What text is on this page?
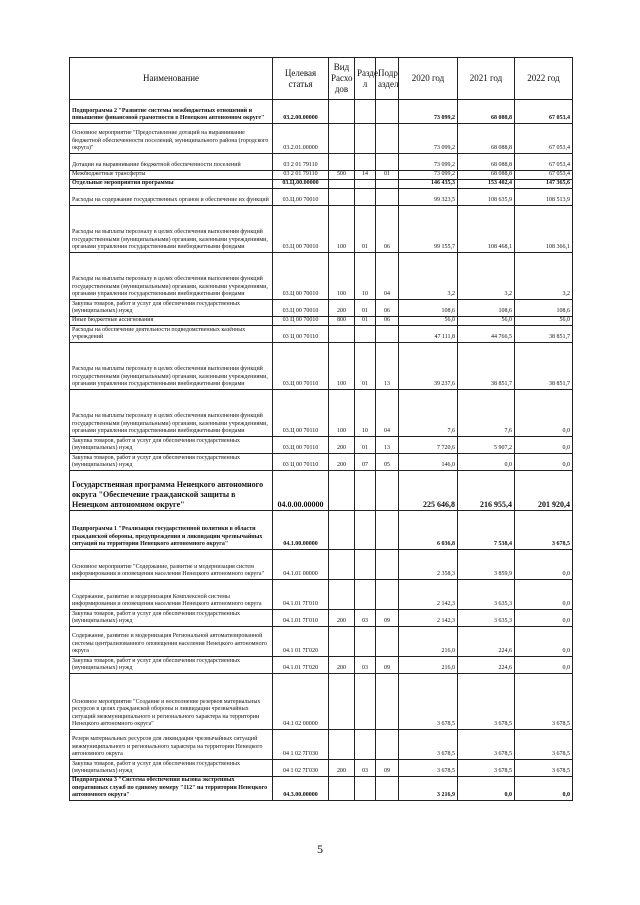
Наименование	Целевая статья	Вид Расхо дов	Разде л	Подр аздел	2020 год	2021 год	2022 год
Подпрограмма 2 "Развитие системы межбюджетных отношений и повышение финансовой грамотности в Ненецком автономном округе"	03.2.00.00000				73 099,2	68 088,8	67 053,4
Основное мероприятие "Предоставление дотаций на выравнивание бюджетной обеспеченности поселений, муниципального района (городского округа)"	03.2.01.00000				73 099,2	68 088,8	67 053,4
Дотации на выравнивание бюджетной обеспеченности поселений	03 2 01 79110				73 099,2	68 088,8	67 053,4
Межбюджетные трансферты	03 2 01 79110	500	14	01	73 099,2	68 088,8	67 053,4
Отдельные мероприятия программы	03.Ц.00.00000				146 435,3	153 402,4	147 365,6
Расходы на содержание государственных органов и обеспечение их функций	03.Ц.00 70010				99 323,5	108 635,9	108 513,9
Расходы на выплаты персоналу в целях обеспечения выполнения функций государственными (муниципальными) органами, казенными учреждениями, органами управления государственными внебюджетными фондами	03.Ц 00 70010	100	01	06	99 155,7	108 468,1	108 366,1
Расходы на выплаты персоналу в целях обеспечения выполнения функций государственными (муниципальными) органами, казенными учреждениями, органами управления государственными внебюджетными фондами	03.Ц 00 70010	100	10	04	3,2	3,2	3,2
Закупка товаров, работ и услуг для обеспечения государственных (муниципальных) нужд	03.Ц 00 70010	200	01	06	108,6	108,6	108,6
Иные бюджетные ассигнования	03 Ц 00 70010	800	01	06	56,0	56,0	56,0
Расходы на обеспечение деятельности подведомственных казённых учреждений	03 Ц 00 70110				47 111,8	44 766,5	38 851,7
Расходы на выплаты персоналу в целях обеспечения выполнения функций государственными (муниципальными) органами, казенными учреждениями, органами управления государственными внебюджетными фондами	03.Ц 00 70110	100	01	13	39 237,6	38 851,7	38 851,7
Расходы на выплаты персоналу в целях обеспечения выполнения функций государственными (муниципальными) органами, казенными учреждениями, органами управления государственными внебюджетными фондами	03.Ц 00 70110	100	10	04	7,6	7,6	0,0
Закупка товаров, работ и услуг для обеспечения государственных (муниципальных) нужд	03.Ц 00 70110	200	01	13	7 720,6	5 907,2	0,0
Закупка товаров, работ и услуг для обеспечения государственных (муниципальных) нужд	03 Ц 00 70110	200	07	05	146,0	0,0	0,0
Государственная программа Ненецкого автономного округа "Обеспечение гражданской защиты в Ненецком автономном округе"	04.0.00.00000				225 646,8	216 955,4	201 920,4
Подпрограмма 1 "Реализация государственной политики в области гражданской обороны, предупреждения и ликвидации чрезвычайных ситуаций на территории Ненецкого автономного округа"	04.1.00.00000				6 036,8	7 538,4	3 678,5
Основное мероприятие "Содержание, развитие и модернизация систем информирования и оповещения населения Ненецкого автономного округа"	04.1.01 00000				2 358,3	3 859,9	0,0
Содержание, развитие и модернизация Комплексной системы информирования и оповещения населения Ненецкого автономного округа	04.1.01 7Г010				2 142,3	3 635,3	0,0
Закупка товаров, работ и услуг для обеспечения государственных (муниципальных) нужд	04.1.01 7Г010	200	03	09	2 142,3	3 635,3	0,0
Содержание, развитие и модернизация Региональной автоматизированной системы централизованного оповещения населения Ненецкого автономного округа	04.1 01 7Г020				216,0	224,6	0,0
Закупка товаров, работ и услуг для обеспечения государственных (муниципальных) нужд	04.1.01 7Г020	200	03	09	216,0	224,6	0,0
Основное мероприятие "Создание и восполнение резервов материальных ресурсов в целях гражданской обороны и ликвидации чрезвычайных ситуаций межмуниципального и регионального характера на территории Ненецкого автономного округа"	04.1 02 00000				3 678,5	3 678,5	3 678,5
Резерв материальных ресурсов для ликвидации чрезвычайных ситуаций межмуниципального и регионального характера на территории Ненецкого автономного округа	04 1 02 7Г030				3 678,5	3 678,5	3 678,5
Закупка товаров, работ и услуг для обеспечения государственных (муниципальных) нужд	04 1 02 7Г030	200	03	09	3 678,5	3 678,5	3 678,5
Подпрограмма 3 "Система обеспечения вызова экстренных оперативных служб по единому номеру "112" на территории Ненецкого автономного округа"	04.3.00.00000				3 216,9	0,0	0,0
5
